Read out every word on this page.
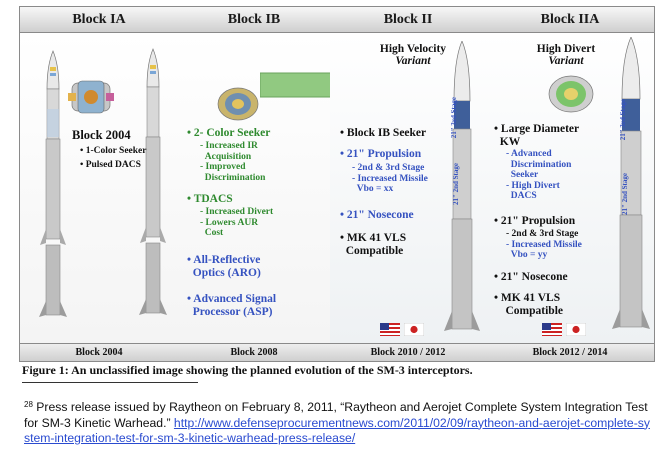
Block IA
Block 2004
• 1-Color Seeker
• Pulsed DACS
Block 2004
Block IB
• 2- Color Seeker
- Increased IR
Acquisition
- Improved
Discrimination
• TDACS
- Increased Divert
- Lowers AUR
Cost
• All-Reflective
Optics (ARO)
• Advanced Signal
Processor (ASP)
Block 2008
Block II
High Velocity
Variant
21" 3rd Stage
21" 2nd Stage
• Block IB Seeker
• 21" Propulsion
- 2nd & 3rd Stage
- Increased Missile
Vbo = xx
• 21" Nosecone
• MK 41 VLS
Compatible
Block 2010 / 2012
Block IIA
High Divert
Variant
21" 3rd Stage
21" 2nd Stage
• Large Diameter
KW
- Advanced
Discrimination
Seeker
- High Divert
DACS
• 21" Propulsion
- 2nd & 3rd Stage
- Increased Missile
Vbo = yy
• 21" Nosecone
• MK 41 VLS
Compatible
Block 2012 / 2014
Figure 1: An unclassified image showing the planned evolution of the SM-3 interceptors.
$^{28}$ Press release issued by Raytheon on February 8, 2011, “Raytheon and Aerojet Complete System Integration Test for SM-3 Kinetic Warhead.” http://www.defenseprocurementnews.com/2011/02/09/raytheon-and-aerojet-complete-system-integration-test-for-sm-3-kinetic-warhead-press-release/
